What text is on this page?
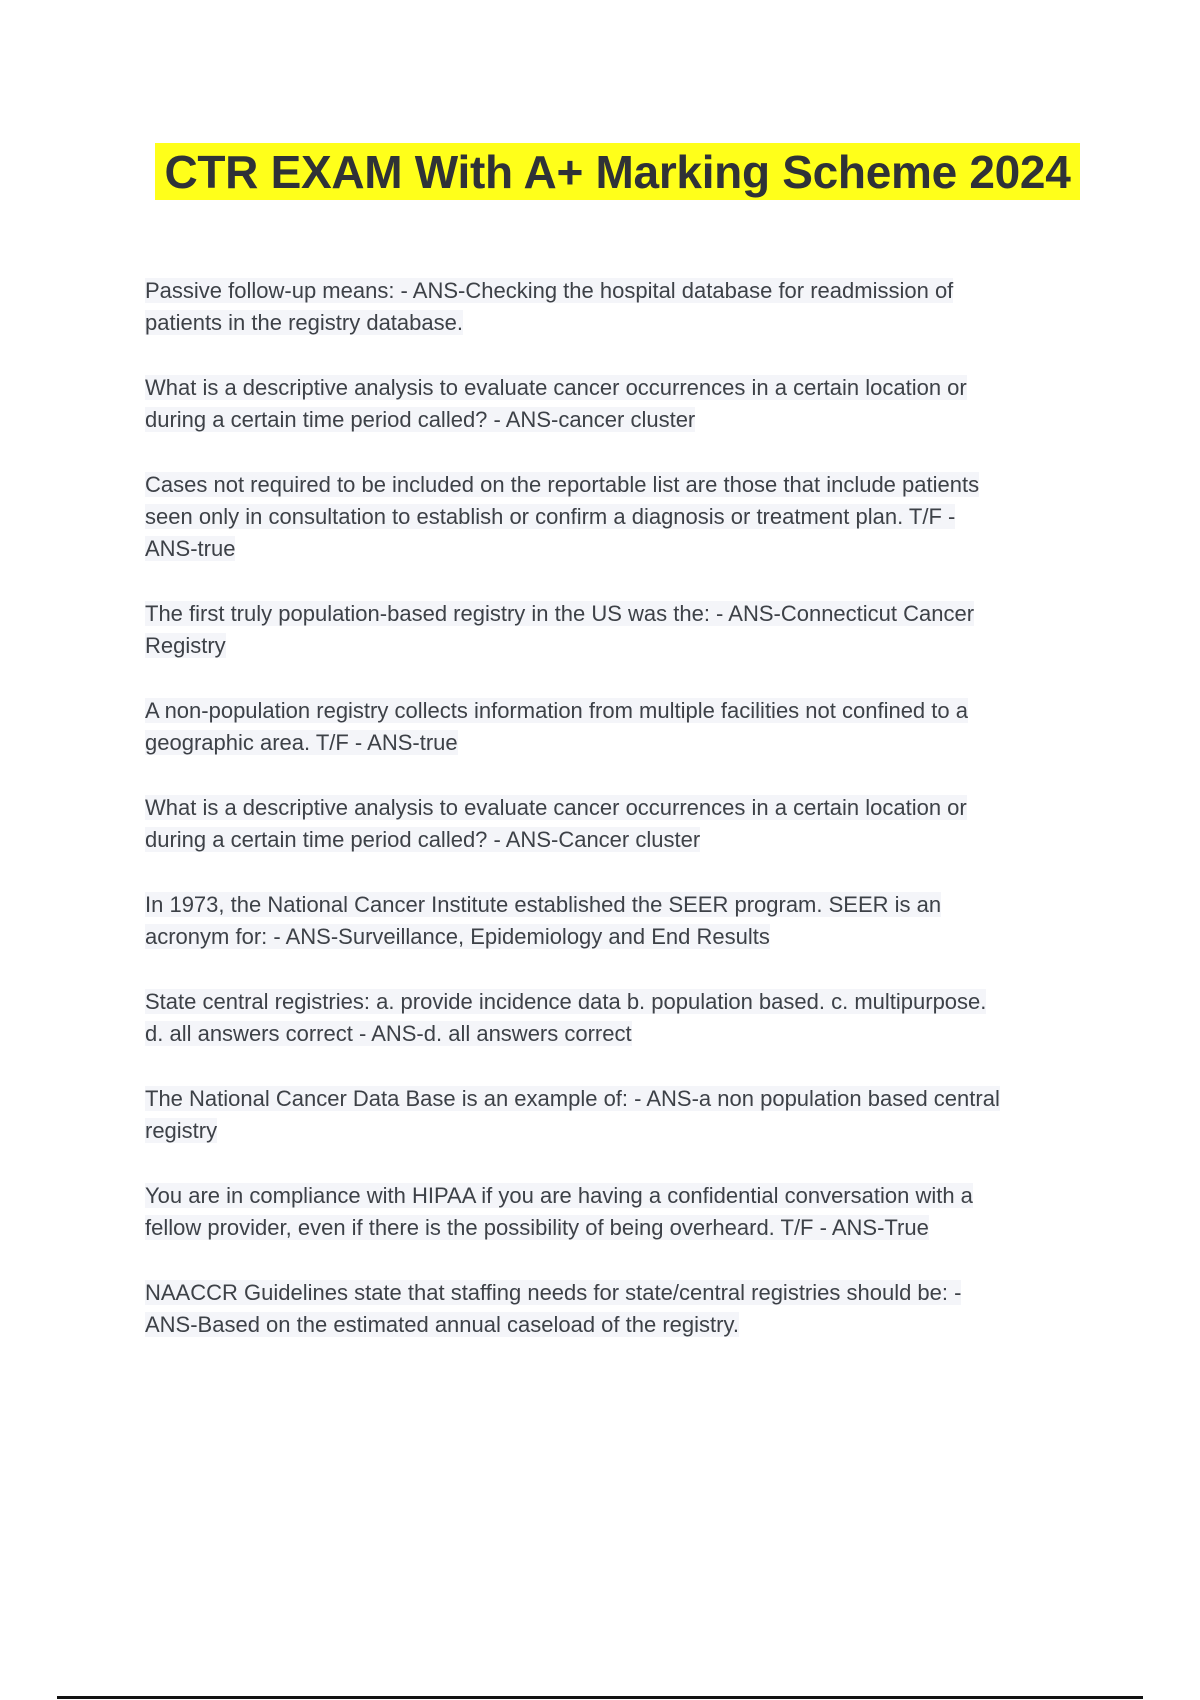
CTR EXAM With A+ Marking Scheme 2024
Passive follow-up means: - ANS-Checking the hospital database for readmission of
patients in the registry database.
What is a descriptive analysis to evaluate cancer occurrences in a certain location or
during a certain time period called? - ANS-cancer cluster
Cases not required to be included on the reportable list are those that include patients
seen only in consultation to establish or confirm a diagnosis or treatment plan. T/F -
ANS-true
The first truly population-based registry in the US was the: - ANS-Connecticut Cancer
Registry
A non-population registry collects information from multiple facilities not confined to a
geographic area. T/F - ANS-true
What is a descriptive analysis to evaluate cancer occurrences in a certain location or
during a certain time period called? - ANS-Cancer cluster
In 1973, the National Cancer Institute established the SEER program. SEER is an
acronym for: - ANS-Surveillance, Epidemiology and End Results
State central registries: a. provide incidence data b. population based. c. multipurpose.
d. all answers correct - ANS-d. all answers correct
The National Cancer Data Base is an example of: - ANS-a non population based central
registry
You are in compliance with HIPAA if you are having a confidential conversation with a
fellow provider, even if there is the possibility of being overheard. T/F - ANS-True
NAACCR Guidelines state that staffing needs for state/central registries should be: -
ANS-Based on the estimated annual caseload of the registry.
